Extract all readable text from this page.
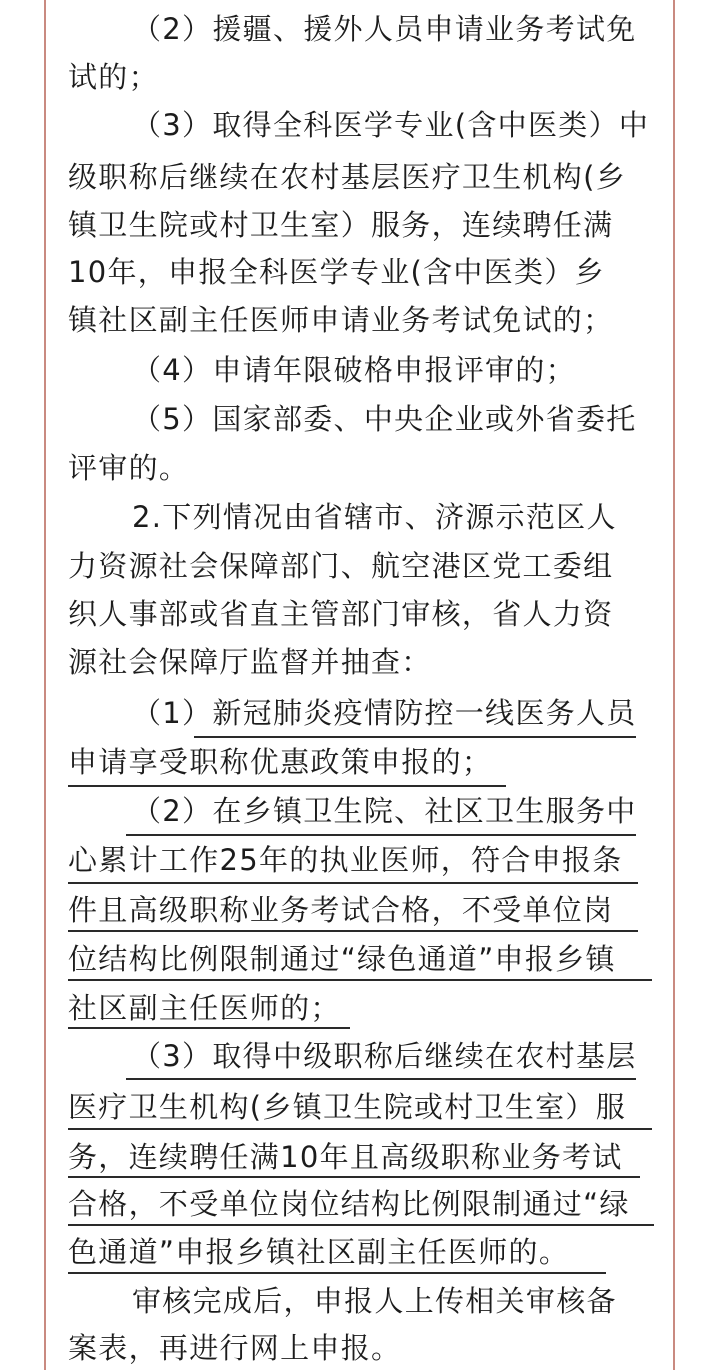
（2）援疆、援外人员申请业务考试免
试的；
（3）取得全科医学专业(含中医类）中
级职称后继续在农村基层医疗卫生机构(乡
镇卫生院或村卫生室）服务，连续聘任满
10年，申报全科医学专业(含中医类）乡
镇社区副主任医师申请业务考试免试的；
（4）申请年限破格申报评审的；
（5）国家部委、中央企业或外省委托
评审的。
2.下列情况由省辖市、济源示范区人
力资源社会保障部门、航空港区党工委组
织人事部或省直主管部门审核，省人力资
源社会保障厅监督并抽查：
（1）新冠肺炎疫情防控一线医务人员
申请享受职称优惠政策申报的；
（2）在乡镇卫生院、社区卫生服务中
心累计工作25年的执业医师，符合申报条
件且高级职称业务考试合格，不受单位岗
位结构比例限制通过“绿色通道”申报乡镇
社区副主任医师的；
（3）取得中级职称后继续在农村基层
医疗卫生机构(乡镇卫生院或村卫生室）服
务，连续聘任满10年且高级职称业务考试
合格，不受单位岗位结构比例限制通过“绿
色通道”申报乡镇社区副主任医师的。
审核完成后，申报人上传相关审核备
案表，再进行网上申报。
